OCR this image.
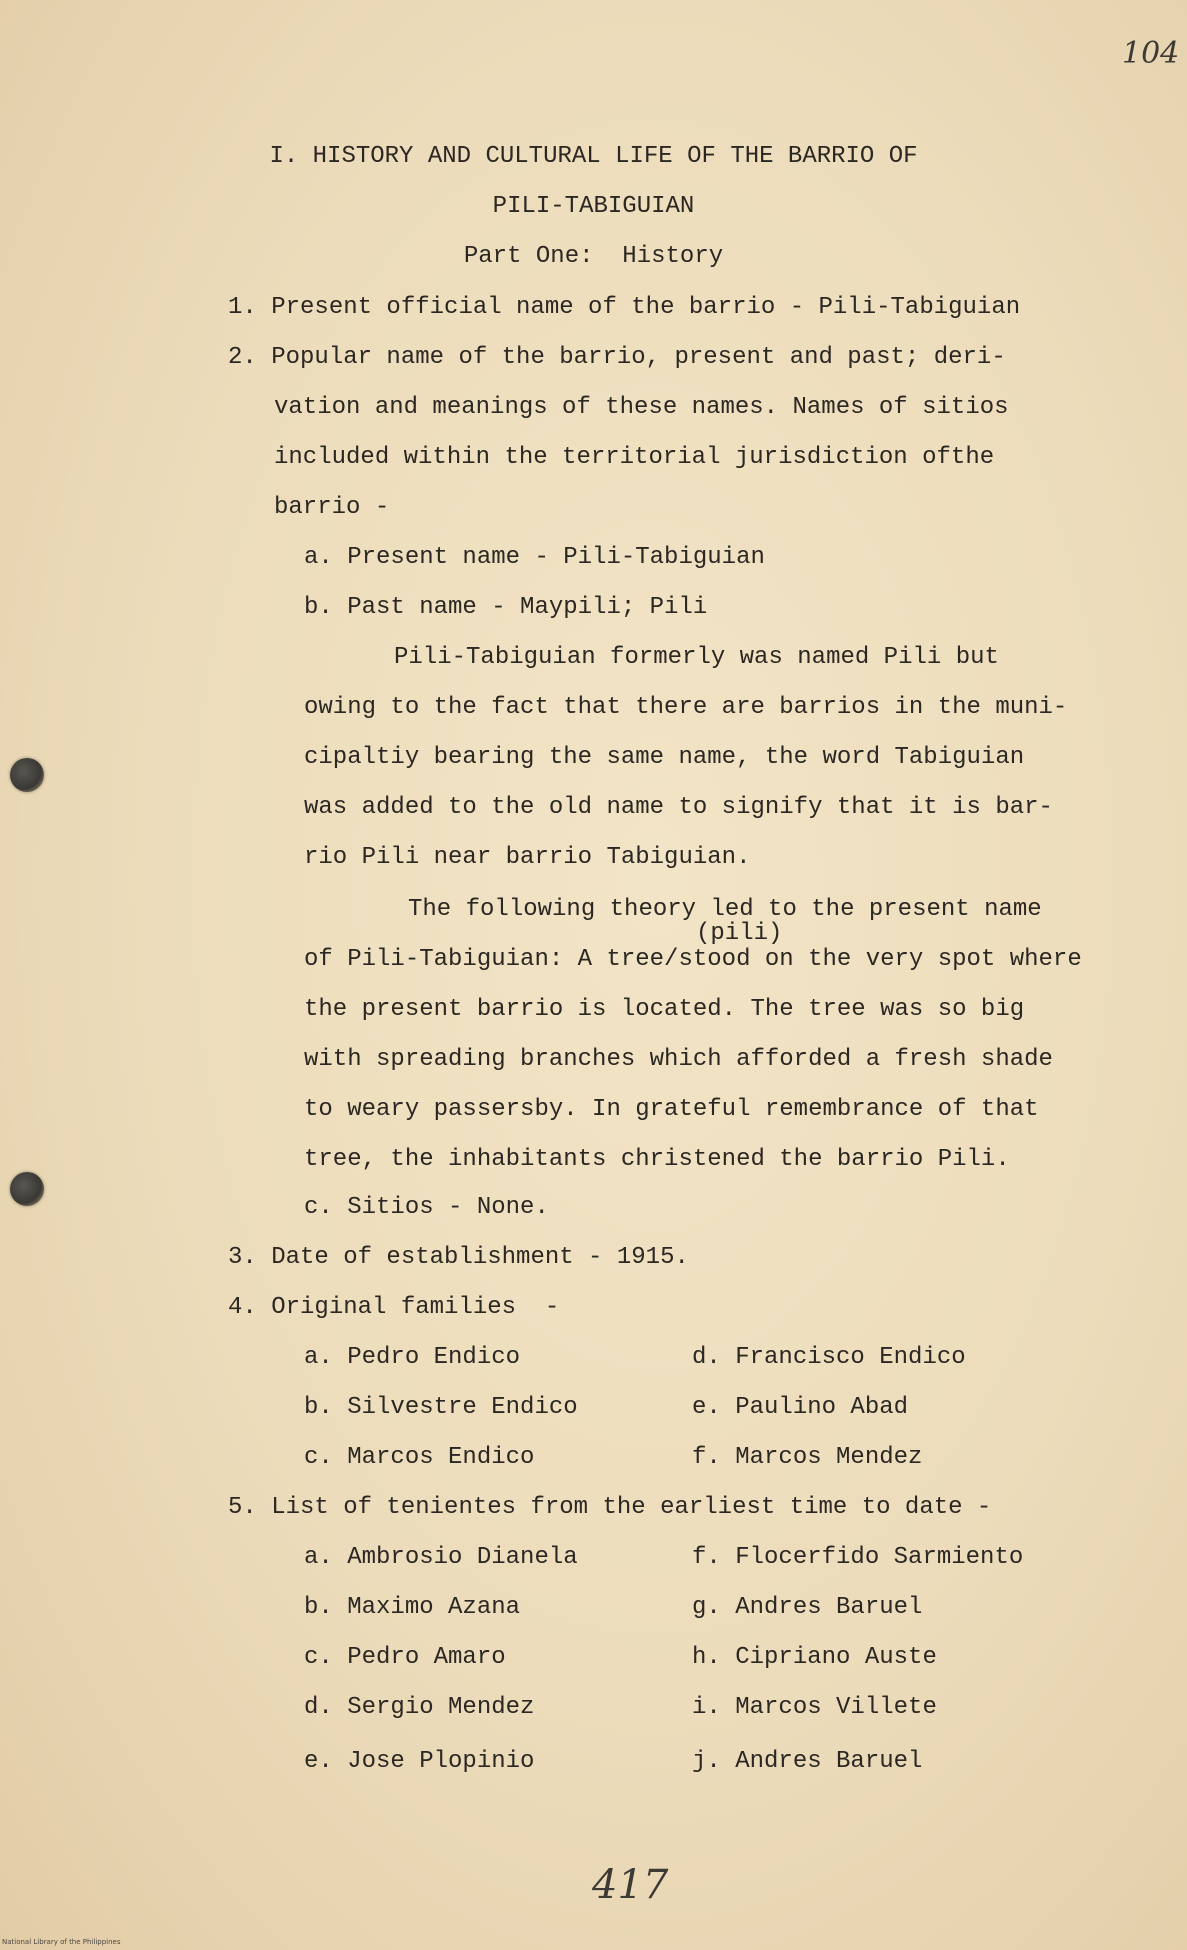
104
I. HISTORY AND CULTURAL LIFE OF THE BARRIO OF
PILI-TABIGUIAN
Part One:  History
1. Present official name of the barrio - Pili-Tabiguian
2. Popular name of the barrio, present and past; deri-
vation and meanings of these names. Names of sitios
included within the territorial jurisdiction ofthe
barrio -
a. Present name - Pili-Tabiguian
b. Past name - Maypili; Pili
Pili-Tabiguian formerly was named Pili but
owing to the fact that there are barrios in the muni-
cipaltiy bearing the same name, the word Tabiguian
was added to the old name to signify that it is bar-
rio Pili near barrio Tabiguian.
The following theory led to the present name
(pili)
of Pili-Tabiguian: A tree/stood on the very spot where
the present barrio is located. The tree was so big
with spreading branches which afforded a fresh shade
to weary passersby. In grateful remembrance of that
tree, the inhabitants christened the barrio Pili.
c. Sitios - None.
3. Date of establishment - 1915.
4. Original families  -
a. Pedro Endico	d. Francisco Endico
b. Silvestre Endico	e. Paulino Abad
c. Marcos Endico	f. Marcos Mendez
5. List of tenientes from the earliest time to date -
a. Ambrosio Dianela	f. Flocerfido Sarmiento
b. Maximo Azana	g. Andres Baruel
c. Pedro Amaro	h. Cipriano Auste
d. Sergio Mendez	i. Marcos Villete
e. Jose Plopinio	j. Andres Baruel
417
National Library of the Philippines
